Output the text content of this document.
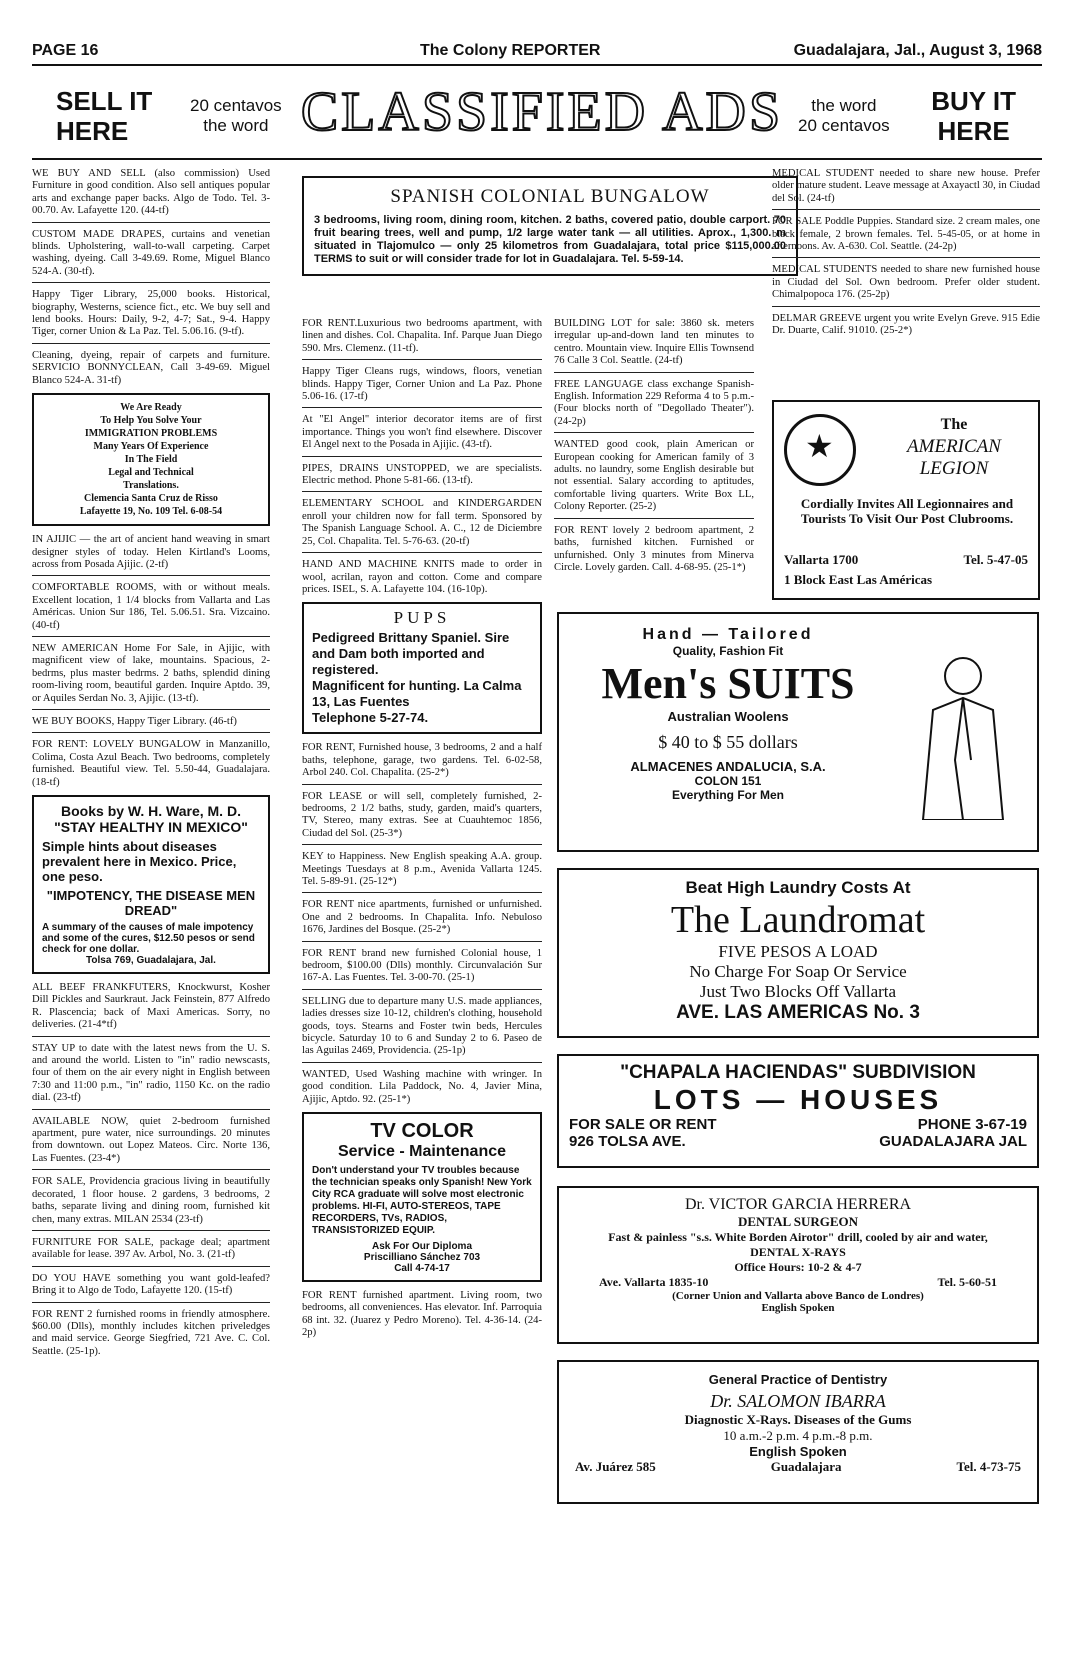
PAGE 16	The Colony REPORTER	Guadalajara, Jal., August 3, 1968
SELL IT
HERE
20 centavos
the word CLASSIFIED ADS	the word
20 centavos
BUY IT
HERE

WE BUY AND SELL (also commission) Used Furniture in good condition. Also sell antiques popular arts and exchange paper backs. Algo de Todo. Tel. 3-00.70. Av. Lafayette 120. (44-tf)

CUSTOM MADE DRAPES, curtains and venetian blinds. Upholstering, wall-to-wall carpeting. Carpet washing, dyeing. Call 3-49.69. Rome, Miguel Blanco 524-A. (30-tf).

Happy Tiger Library, 25,000 books. Historical, biography, Westerns, science fict., etc. We buy sell and lend books. Hours: Daily, 9-2, 4-7; Sat., 9-4. Happy Tiger, corner Union & La Paz. Tel. 5.06.16. (9-tf).

Cleaning, dyeing, repair of carpets and furniture. SERVICIO BONNYCLEAN, Call 3-49-69. Miguel Blanco 524-A. 31-tf)

We Are Ready
To Help You Solve Your
IMMIGRATION PROBLEMS
Many Years Of Experience
In The Field
Legal and Technical
Translations.
Clemencia Santa Cruz de Risso
Lafayette 19, No. 109 Tel. 6-08-54

IN AJIJIC — the art of ancient hand weaving in smart designer styles of today. Helen Kirtland's Looms, across from Posada Ajijic. (2-tf)

COMFORTABLE ROOMS, with or without meals. Excellent location, 1 1/4 blocks from Vallarta and Las Américas. Union Sur 186, Tel. 5.06.51. Sra. Vizcaino. (40-tf)

NEW AMERICAN Home For Sale, in Ajijic, with magnificent view of lake, mountains. Spacious, 2-bedrms, plus master bedrms. 2 baths, splendid dining room-living room, beautiful garden. Inquire Aptdo. 39, or Aquiles Serdan No. 3, Ajijic. (13-tf).

WE BUY BOOKS, Happy Tiger Library. (46-tf)

FOR RENT: LOVELY BUNGALOW in Manzanillo, Colima, Costa Azul Beach. Two bedrooms, completely furnished. Beautiful view. Tel. 5.50-44, Guadalajara. (18-tf)

Books by W. H. Ware, M. D.
"STAY HEALTHY IN MEXICO"
Simple hints about diseases prevalent here in Mexico. Price, one peso.
"IMPOTENCY, THE DISEASE MEN DREAD"
A summary of the causes of male impotency and some of the cures, $12.50 pesos or send check for one dollar.
Tolsa 769, Guadalajara, Jal.

ALL BEEF FRANKFUTERS, Knockwurst, Kosher Dill Pickles and Saurkraut. Jack Feinstein, 877 Alfredo R. Plascencia; back of Maxi Americas. Sorry, no deliveries. (21-4*tf)

STAY UP to date with the latest news from the U. S. and around the world. Listen to "in" radio newscasts, four of them on the air every night in English between 7:30 and 11:00 p.m., "in" radio, 1150 Kc. on the radio dial. (23-tf)

AVAILABLE NOW, quiet 2-bedroom furnished apartment, pure water, nice surroundings. 20 minutes from downtown. out Lopez Mateos. Circ. Norte 136, Las Fuentes. (23-4*)

FOR SALE, Providencia gracious living in beautifully decorated, 1 floor house. 2 gardens, 3 bedrooms, 2 baths, separate living and dining room, furnished kit chen, many extras. MILAN 2534 (23-tf)

FURNITURE FOR SALE, package deal; apartment available for lease. 397 Av. Arbol, No. 3. (21-tf)

DO YOU HAVE something you want gold-leafed? Bring it to Algo de Todo, Lafayette 120. (15-tf)

FOR RENT 2 furnished rooms in friendly atmosphere. $60.00 (Dlls), monthly includes kitchen priveledges and maid service. George Siegfried, 721 Ave. C. Col. Seattle. (25-1p).

SPANISH COLONIAL BUNGALOW
3 bedrooms, living room, dining room, kitchen. 2 baths, covered patio, double carport. 70 fruit bearing trees, well and pump, 1/2 large water tank — all utilities. Aprox., 1,300. m situated in Tlajomulco — only 25 kilometros from Guadalajara, total price $115,000.00 TERMS to suit or will consider trade for lot in Guadalajara. Tel. 5-59-14.

FOR RENT.Luxurious two bedrooms apartment, with linen and dishes. Col. Chapalita. Inf. Parque Juan Diego 590. Mrs. Clemenz. (11-tf).

Happy Tiger Cleans rugs, windows, floors, venetian blinds. Happy Tiger, Corner Union and La Paz. Phone 5.06-16. (17-tf)

At "El Angel" interior decorator items are of first importance. Things you won't find elsewhere. Discover El Angel next to the Posada in Ajijic. (43-tf).

PIPES, DRAINS UNSTOPPED, we are specialists. Electric method. Phone 5-81-66. (13-tf).

ELEMENTARY SCHOOL and KINDERGARDEN enroll your children now for fall term. Sponsored by The Spanish Language School. A. C., 12 de Diciembre 25, Col. Chapalita. Tel. 5-76-63. (20-tf)

HAND AND MACHINE KNITS made to order in wool, acrilan, rayon and cotton. Come and compare prices. ISEL, S. A. Lafayette 104. (16-10p).

PUPS
Pedigreed Brittany Spaniel. Sire and Dam both imported and registered.
Magnificent for hunting. La Calma 13, Las Fuentes
Telephone 5-27-74.

FOR RENT, Furnished house, 3 bedrooms, 2 and a half baths, telephone, garage, two gardens. Tel. 6-02-58, Arbol 240. Col. Chapalita. (25-2*)

FOR LEASE or will sell, completely furnished, 2-bedrooms, 2 1/2 baths, study, garden, maid's quarters, TV, Stereo, many extras. See at Cuauhtemoc 1856, Ciudad del Sol. (25-3*)

KEY to Happiness. New English speaking A.A. group. Meetings Tuesdays at 8 p.m., Avenida Vallarta 1245. Tel. 5-89-91. (25-12*)

FOR RENT nice apartments, furnished or unfurnished. One and 2 bedrooms. In Chapalita. Info. Nebuloso 1676, Jardines del Bosque. (25-2*)

FOR RENT brand new furnished Colonial house, 1 bedroom, $100.00 (Dlls) monthly. Circunvalación Sur 167-A. Las Fuentes. Tel. 3-00-70. (25-1)

SELLING due to departure many U.S. made appliances, ladies dresses size 10-12, children's clothing, household goods, toys. Stearns and Foster twin beds, Hercules bicycle. Saturday 10 to 6 and Sunday 2 to 6. Paseo de las Aguilas 2469, Providencia. (25-1p)

WANTED, Used Washing machine with wringer. In good condition. Lila Paddock, No. 4, Javier Mina, Ajijic, Aptdo. 92. (25-1*)

TV COLOR
Service - Maintenance
Don't understand your TV troubles because the technician speaks only Spanish! New York City RCA graduate will solve most electronic problems. HI-FI, AUTO-STEREOS, TAPE RECORDERS, TVs, RADIOS, TRANSISTORIZED EQUIP.
Ask For Our Diploma
Priscilliano Sánchez 703
Call 4-74-17

FOR RENT furnished apartment. Living room, two bedrooms, all conveniences. Has elevator. Inf. Parroquia 68 int. 32. (Juarez y Pedro Moreno). Tel. 4-36-14. (24-2p)

BUILDING LOT for sale: 3860 sk. meters irregular up-and-down land ten minutes to centro. Mountain view. Inquire Ellis Townsend 76 Calle 3 Col. Seattle. (24-tf)

FREE LANGUAGE class exchange Spanish-English. Information 229 Reforma 4 to 5 p.m.- (Four blocks north of "Degollado Theater"). (24-2p)

WANTED good cook, plain American or European cooking for American family of 3 adults. no laundry, some English desirable but not essential. Salary according to aptitudes, comfortable living quarters. Write Box LL, Colony Reporter. (25-2)

FOR RENT lovely 2 bedroom apartment, 2 baths, furnished kitchen. Furnished or unfurnished. Only 3 minutes from Minerva Circle. Lovely garden. Call. 4-68-95. (25-1*)

MEDICAL STUDENT needed to share new house. Prefer older mature student. Leave message at Axayactl 30, in Ciudad del Sol. (24-tf)

FOR SALE Poddle Puppies. Standard size. 2 cream males, one black female, 2 brown females. Tel. 5-45-05, or at home in afternoons. Av. A-630. Col. Seattle. (24-2p)

MEDICAL STUDENTS needed to share new furnished house in Ciudad del Sol. Own bedroom. Prefer older student. Chimalpopoca 176. (25-2p)

DELMAR GREEVE urgent you write Evelyn Greve. 915 Edie Dr. Duarte, Calif. 91010. (25-2*)

★
The
AMERICAN
LEGION
Cordially Invites All Legionnaires and Tourists To Visit Our Post Clubrooms.
Vallarta 1700	Tel. 5-47-05
1 Block East Las Américas
Hand — Tailored
Quality, Fashion Fit
Men's SUITS
Australian Woolens
$ 40 to $ 55 dollars
ALMACENES ANDALUCIA, S.A.
COLON 151
Everything For Men
Beat High Laundry Costs At
The Laundromat
FIVE PESOS A LOAD
No Charge For Soap Or Service
Just Two Blocks Off Vallarta
AVE. LAS AMERICAS No. 3
"CHAPALA HACIENDAS" SUBDIVISION
LOTS — HOUSES
FOR SALE OR RENT	PHONE 3-67-19
926 TOLSA AVE.	GUADALAJARA JAL
Dr. VICTOR GARCIA HERRERA
DENTAL SURGEON
Fast & painless "s.s. White Borden Airotor" drill, cooled by air and water, DENTAL X-RAYS
Office Hours: 10-2 & 4-7
Ave. Vallarta 1835-10	Tel. 5-60-51
(Corner Union and Vallarta above Banco de Londres)
English Spoken
General Practice of Dentistry
Dr. SALOMON IBARRA
Diagnostic X-Rays. Diseases of the Gums
10 a.m.-2 p.m. 4 p.m.-8 p.m.
English Spoken
Av. Juárez 585	Guadalajara	Tel. 4-73-75
